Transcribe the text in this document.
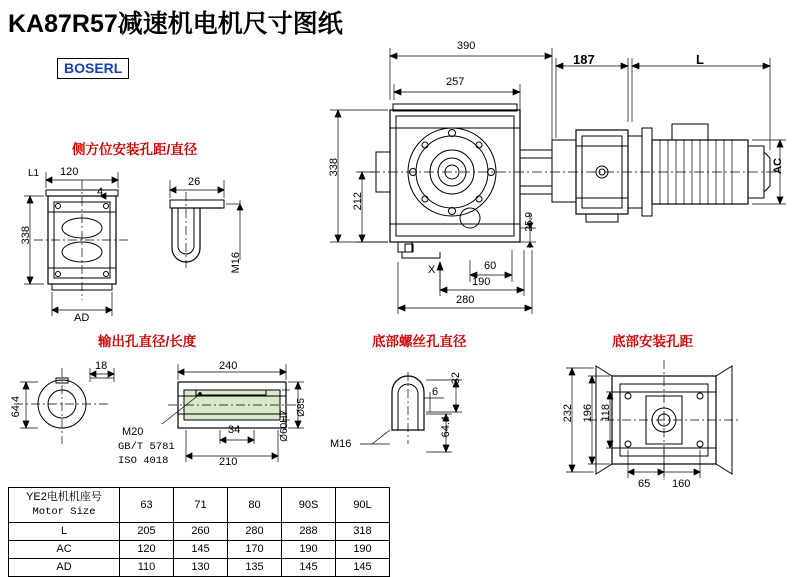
KA87R57减速机电机尺寸图纸
BOSERL
侧方位安装孔距/直径
输出孔直径/长度	底部螺丝孔直径	底部安装孔距
390
257
187	L
338
212
25.9
X	60
190
280
AC
L1 120
4
338
AD
26
M16
18
64.4
240
210
34
Ø85
Ø60H7
M20
GB/T 5781
ISO 4018
32
6
64.4
M16
232 196 118
65 160
YE2电机机座号
Motor Size	63	71	80	90S	90L
L	205	260	280	288	318
AC	120	145	170	190	190
AD	110	130	135	145	145
